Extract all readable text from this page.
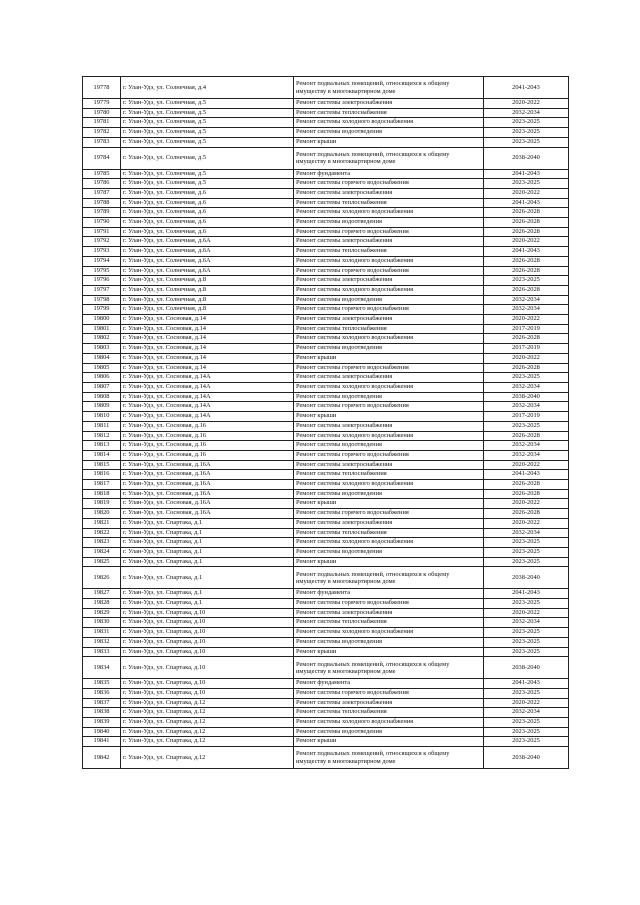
19778	г. Улан-Удэ, ул. Солнечная, д.4	Ремонт подвальных помещений, относящихся к общему имуществу в многоквартирном доме	2041-2043
19779	г. Улан-Удэ, ул. Солнечная, д.5	Ремонт системы электроснабжения	2020-2022
19780	г. Улан-Удэ, ул. Солнечная, д.5	Ремонт системы теплоснабжения	2032-2034
19781	г. Улан-Удэ, ул. Солнечная, д.5	Ремонт системы холодного водоснабжения	2023-2025
19782	г. Улан-Удэ, ул. Солнечная, д.5	Ремонт системы водоотведения	2023-2025
19783	г. Улан-Удэ, ул. Солнечная, д.5	Ремонт крыши	2023-2025
19784	г. Улан-Удэ, ул. Солнечная, д.5	Ремонт подвальных помещений, относящихся к общему имуществу в многоквартирном доме	2038-2040
19785	г. Улан-Удэ, ул. Солнечная, д.5	Ремонт фундамента	2041-2043
19786	г. Улан-Удэ, ул. Солнечная, д.5	Ремонт системы горячего водоснабжения	2023-2025
19787	г. Улан-Удэ, ул. Солнечная, д.6	Ремонт системы электроснабжения	2020-2022
19788	г. Улан-Удэ, ул. Солнечная, д.6	Ремонт системы теплоснабжения	2041-2043
19789	г. Улан-Удэ, ул. Солнечная, д.6	Ремонт системы холодного водоснабжения	2026-2028
19790	г. Улан-Удэ, ул. Солнечная, д.6	Ремонт системы водоотведения	2026-2028
19791	г. Улан-Удэ, ул. Солнечная, д.6	Ремонт системы горячего водоснабжения	2026-2028
19792	г. Улан-Удэ, ул. Солнечная, д.6А	Ремонт системы электроснабжения	2020-2022
19793	г. Улан-Удэ, ул. Солнечная, д.6А	Ремонт системы теплоснабжения	2041-2043
19794	г. Улан-Удэ, ул. Солнечная, д.6А	Ремонт системы холодного водоснабжения	2026-2028
19795	г. Улан-Удэ, ул. Солнечная, д.6А	Ремонт системы горячего водоснабжения	2026-2028
19796	г. Улан-Удэ, ул. Солнечная, д.8	Ремонт системы электроснабжения	2023-2025
19797	г. Улан-Удэ, ул. Солнечная, д.8	Ремонт системы холодного водоснабжения	2026-2028
19798	г. Улан-Удэ, ул. Солнечная, д.8	Ремонт системы водоотведения	2032-2034
19799	г. Улан-Удэ, ул. Солнечная, д.8	Ремонт системы горячего водоснабжения	2032-2034
19800	г. Улан-Удэ, ул. Сосновая, д.14	Ремонт системы электроснабжения	2020-2022
19801	г. Улан-Удэ, ул. Сосновая, д.14	Ремонт системы теплоснабжения	2017-2019
19802	г. Улан-Удэ, ул. Сосновая, д.14	Ремонт системы холодного водоснабжения	2026-2028
19803	г. Улан-Удэ, ул. Сосновая, д.14	Ремонт системы водоотведения	2017-2019
19804	г. Улан-Удэ, ул. Сосновая, д.14	Ремонт крыши	2020-2022
19805	г. Улан-Удэ, ул. Сосновая, д.14	Ремонт системы горячего водоснабжения	2026-2028
19806	г. Улан-Удэ, ул. Сосновая, д.14А	Ремонт системы электроснабжения	2023-2025
19807	г. Улан-Удэ, ул. Сосновая, д.14А	Ремонт системы холодного водоснабжения	2032-2034
19808	г. Улан-Удэ, ул. Сосновая, д.14А	Ремонт системы водоотведения	2038-2040
19809	г. Улан-Удэ, ул. Сосновая, д.14А	Ремонт системы горячего водоснабжения	2032-2034
19810	г. Улан-Удэ, ул. Сосновая, д.14А	Ремонт крыши	2017-2019
19811	г. Улан-Удэ, ул. Сосновая, д.16	Ремонт системы электроснабжения	2023-2025
19812	г. Улан-Удэ, ул. Сосновая, д.16	Ремонт системы холодного водоснабжения	2026-2028
19813	г. Улан-Удэ, ул. Сосновая, д.16	Ремонт системы водоотведения	2032-2034
19814	г. Улан-Удэ, ул. Сосновая, д.16	Ремонт системы горячего водоснабжения	2032-2034
19815	г. Улан-Удэ, ул. Сосновая, д.16А	Ремонт системы электроснабжения	2020-2022
19816	г. Улан-Удэ, ул. Сосновая, д.16А	Ремонт системы теплоснабжения	2041-2043
19817	г. Улан-Удэ, ул. Сосновая, д.16А	Ремонт системы холодного водоснабжения	2026-2028
19818	г. Улан-Удэ, ул. Сосновая, д.16А	Ремонт системы водоотведения	2026-2028
19819	г. Улан-Удэ, ул. Сосновая, д.16А	Ремонт крыши	2020-2022
19820	г. Улан-Удэ, ул. Сосновая, д.16А	Ремонт системы горячего водоснабжения	2026-2028
19821	г. Улан-Удэ, ул. Спартака, д.1	Ремонт системы электроснабжения	2020-2022
19822	г. Улан-Удэ, ул. Спартака, д.1	Ремонт системы теплоснабжения	2032-2034
19823	г. Улан-Удэ, ул. Спартака, д.1	Ремонт системы холодного водоснабжения	2023-2025
19824	г. Улан-Удэ, ул. Спартака, д.1	Ремонт системы водоотведения	2023-2025
19825	г. Улан-Удэ, ул. Спартака, д.1	Ремонт крыши	2023-2025
19826	г. Улан-Удэ, ул. Спартака, д.1	Ремонт подвальных помещений, относящихся к общему имуществу в многоквартирном доме	2038-2040
19827	г. Улан-Удэ, ул. Спартака, д.1	Ремонт фундамента	2041-2043
19828	г. Улан-Удэ, ул. Спартака, д.1	Ремонт системы горячего водоснабжения	2023-2025
19829	г. Улан-Удэ, ул. Спартака, д.10	Ремонт системы электроснабжения	2020-2022
19830	г. Улан-Удэ, ул. Спартака, д.10	Ремонт системы теплоснабжения	2032-2034
19831	г. Улан-Удэ, ул. Спартака, д.10	Ремонт системы холодного водоснабжения	2023-2025
19832	г. Улан-Удэ, ул. Спартака, д.10	Ремонт системы водоотведения	2023-2025
19833	г. Улан-Удэ, ул. Спартака, д.10	Ремонт крыши	2023-2025
19834	г. Улан-Удэ, ул. Спартака, д.10	Ремонт подвальных помещений, относящихся к общему имуществу в многоквартирном доме	2038-2040
19835	г. Улан-Удэ, ул. Спартака, д.10	Ремонт фундамента	2041-2043
19836	г. Улан-Удэ, ул. Спартака, д.10	Ремонт системы горячего водоснабжения	2023-2025
19837	г. Улан-Удэ, ул. Спартака, д.12	Ремонт системы электроснабжения	2020-2022
19838	г. Улан-Удэ, ул. Спартака, д.12	Ремонт системы теплоснабжения	2032-2034
19839	г. Улан-Удэ, ул. Спартака, д.12	Ремонт системы холодного водоснабжения	2023-2025
19840	г. Улан-Удэ, ул. Спартака, д.12	Ремонт системы водоотведения	2023-2025
19841	г. Улан-Удэ, ул. Спартака, д.12	Ремонт крыши	2023-2025
19842	г. Улан-Удэ, ул. Спартака, д.12	Ремонт подвальных помещений, относящихся к общему имуществу в многоквартирном доме	2038-2040
